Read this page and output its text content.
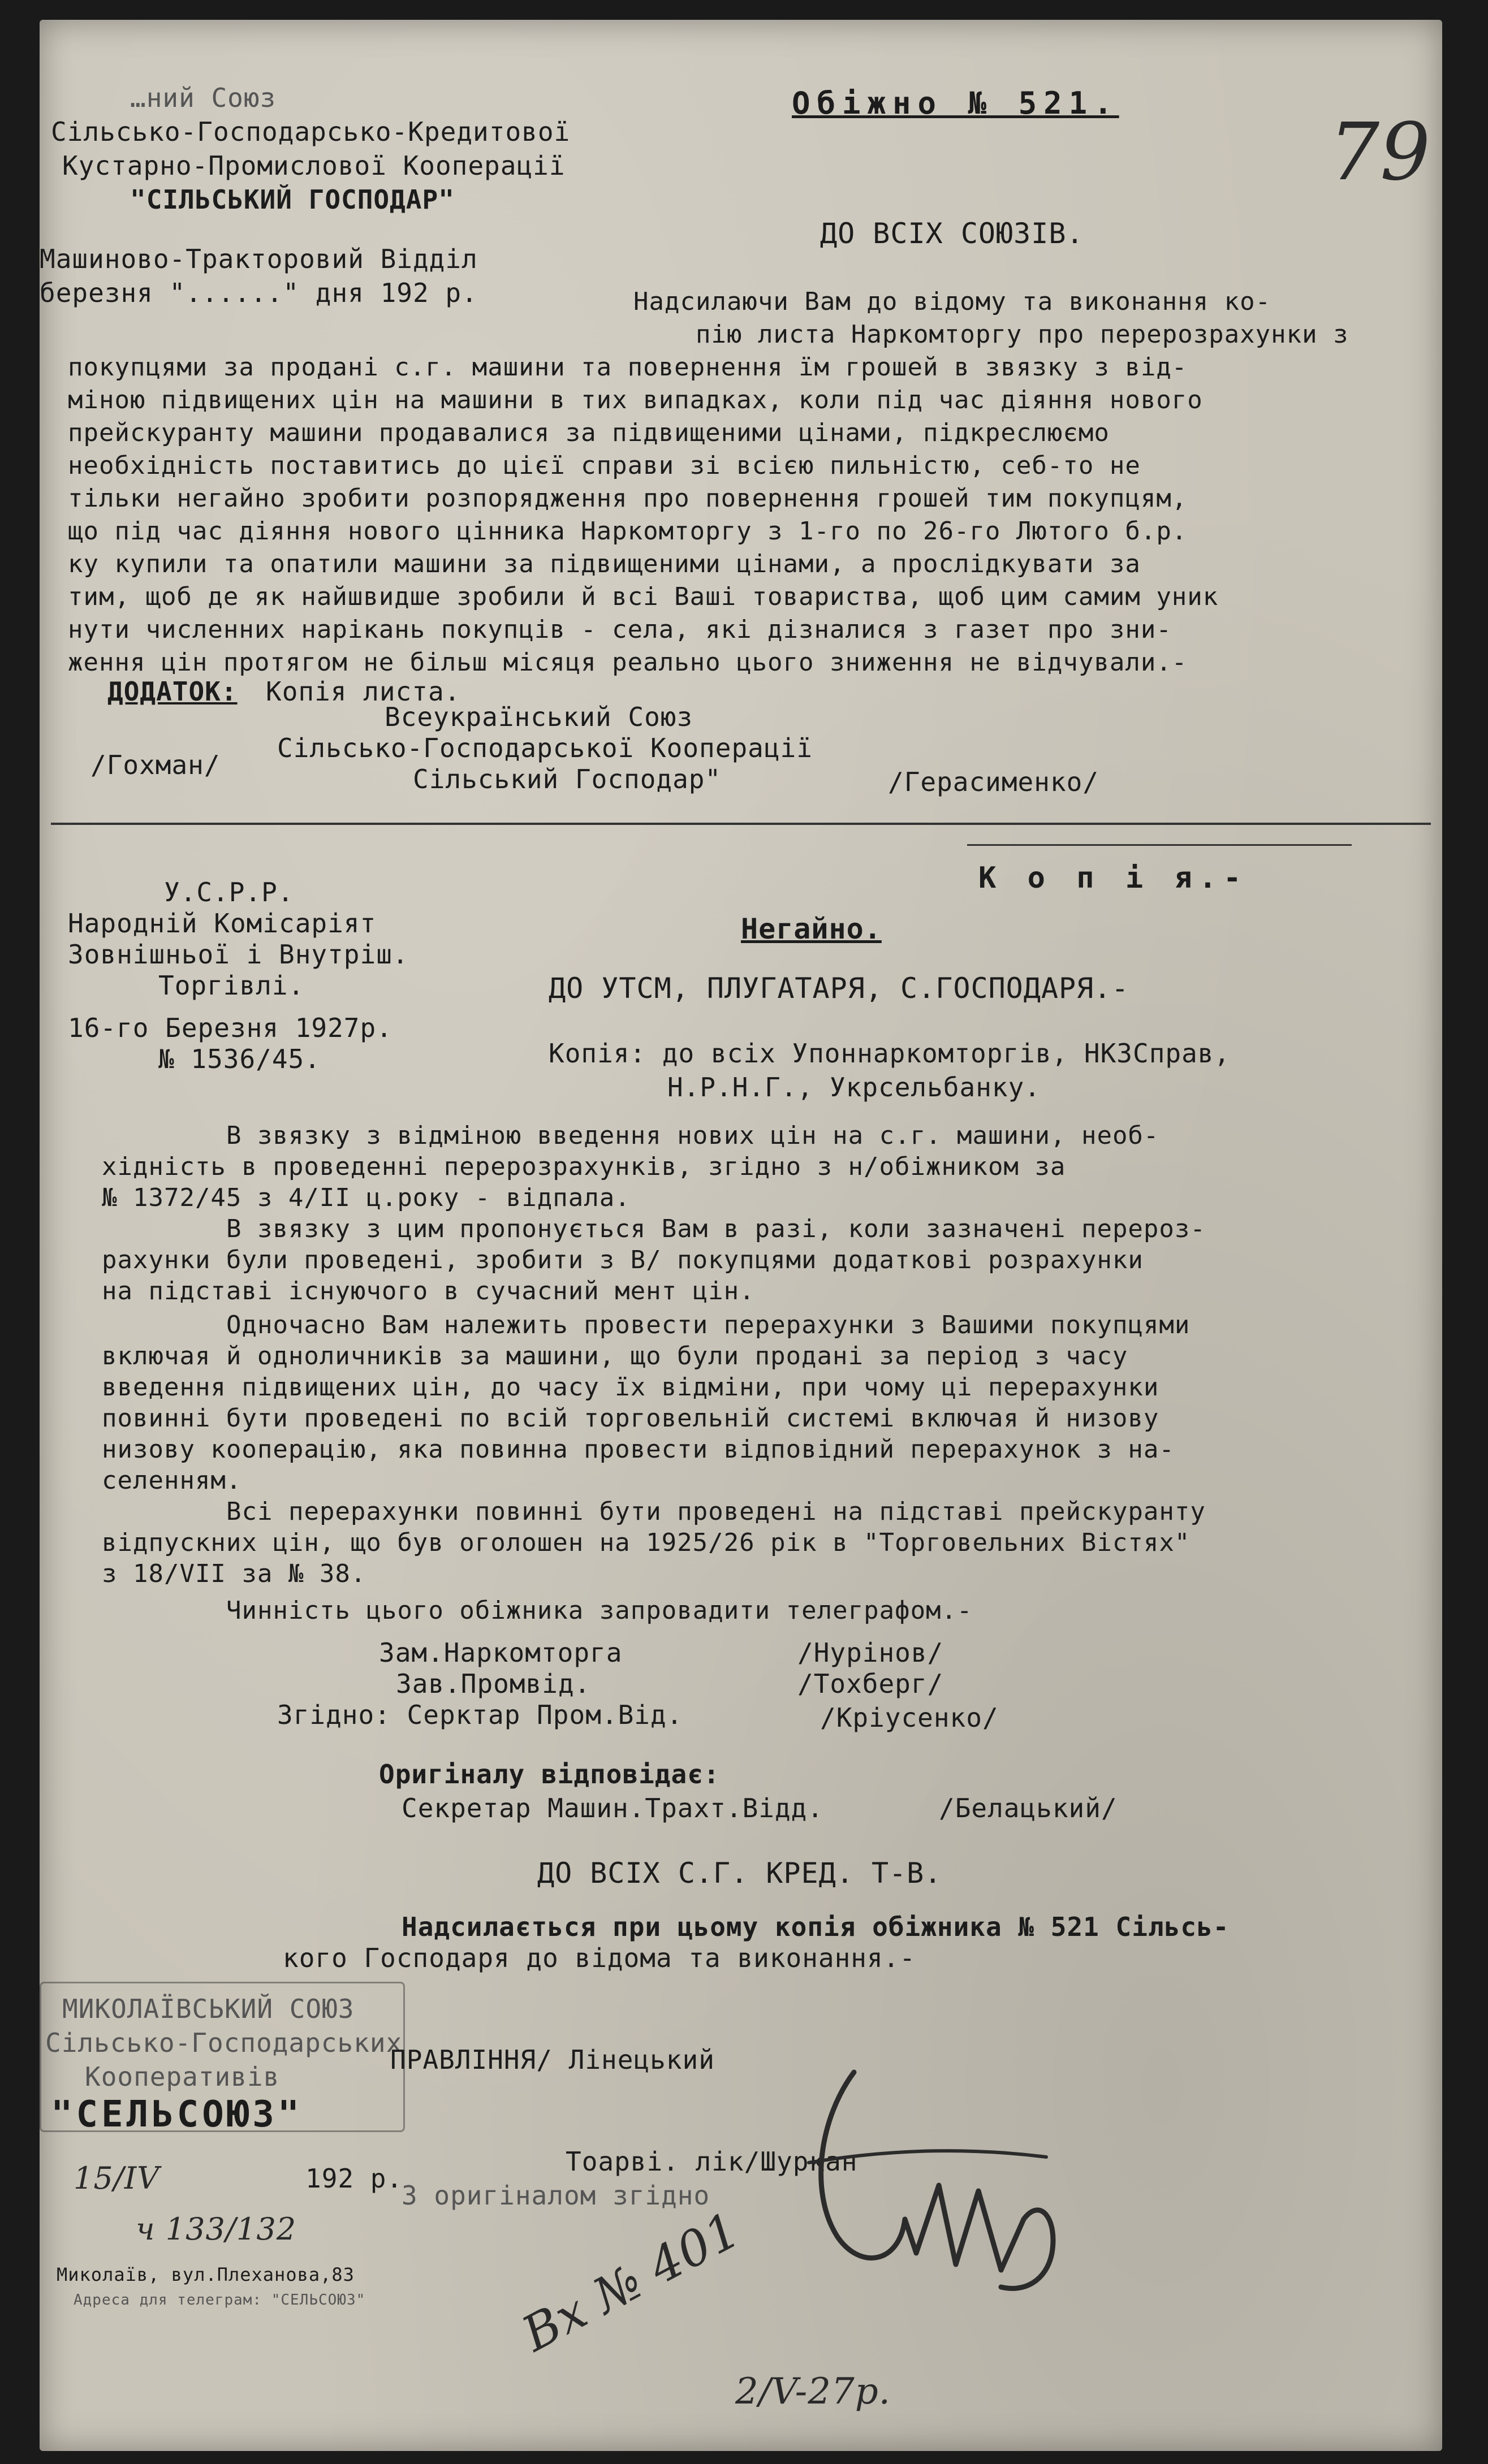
…ний Союз
Сільсько-Господарсько-Кредитової
Кустарно-Промислової Кооперації
"СІЛЬСЬКИЙ ГОСПОДАР"
Машиново-Тракторовий Відділ
березня "......" дня 192 р.
Обіжно № 521.
79
ДО ВСІХ СОЮЗІВ.
Надсилаючи Вам до відому та виконання ко-
пію листа Наркомторгу про перерозрахунки з
покупцями за продані с.г. машини та повернення їм грошей в звязку з від-
міною підвищених цін на машини в тих випадках, коли під час діяння нового
прейскуранту машини продавалися за підвищеними цінами, підкреслюємо
необхідність поставитись до цієї справи зі всією пильністю, себ-то не
тільки негайно зробити розпорядження про повернення грошей тим покупцям,
що під час діяння нового цінника Наркомторгу з 1-го по 26-го Лютого б.р.
ку купили та опатили машини за підвищеними цінами, а прослідкувати за
тим, щоб де як найшвидше зробили й всі Ваші товариства, щоб цим самим уник
нути численних нарікань покупців - села, які дізналися з газет про зни-
ження цін протягом не більш місяця реально цього зниження не відчували.-
ДОДАТОК: Копія листа.
Всеукраїнський Союз
Сільсько-Господарської Кооперації
Сільський Господар"
/Гохман/
/Герасименко/
К о п і я.-
У.С.Р.Р.
Народній Комісаріят
Зовнішньої і Внутріш.
Торгівлі.
16-го Березня 1927р.
№ 1536/45.
Негайно.
ДО УТСМ, ПЛУГАТАРЯ, С.ГОСПОДАРЯ.-
Копія: до всіх Упоннаркомторгів, НКЗСправ,
Н.Р.Н.Г., Укрсельбанку.
В звязку з відміною введення нових цін на с.г. машини, необ-
хідність в проведенні перерозрахунків, згідно з н/обіжником за
№ 1372/45 з 4/ІІ ц.року - відпала.
В звязку з цим пропонується Вам в разі, коли зазначені перероз-
рахунки були проведені, зробити з В/ покупцями додаткові розрахунки
на підставі існуючого в сучасний мент цін.
Одночасно Вам належить провести перерахунки з Вашими покупцями
включая й одноличників за машини, що були продані за період з часу
введення підвищених цін, до часу їх відміни, при чому ці перерахунки
повинні бути проведені по всій торговельній системі включая й низову
низову кооперацію, яка повинна провести відповідний перерахунок з на-
селенням.
Всі перерахунки повинні бути проведені на підставі прейскуранту
відпускних цін, що був оголошен на 1925/26 рік в "Торговельних Вістях"
з 18/VІІ за № 38.
Чинність цього обіжника запровадити телеграфом.-
Зам.Наркомторга	/Нурінов/
Зав.Промвід.	/Тохберг/
Згідно: Серктар Пром.Від.	/Кріусенко/
Оригіналу відповідає:
Секретар Машин.Трахт.Відд.	/Белацький/
ДО ВСІХ С.Г. КРЕД. Т-В.
Надсилається при цьому копія обіжника № 521 Сільсь-
кого Господаря до відома та виконання.-
МИКОЛАЇВСЬКИЙ СОЮЗ
Сільсько-Господарських
Кооперативів
"СЕЛЬСОЮЗ"
15/IV	192 р.
ч 133/132
Миколаїв, вул.Плеханова,83
Адреса для телеграм: "СЕЛЬСОЮЗ"
ПРАВЛІННЯ/ Лінецький
Тоарві. лік/Шуркан
З оригіналом згідно
Вх № 401
2/V-27р.
